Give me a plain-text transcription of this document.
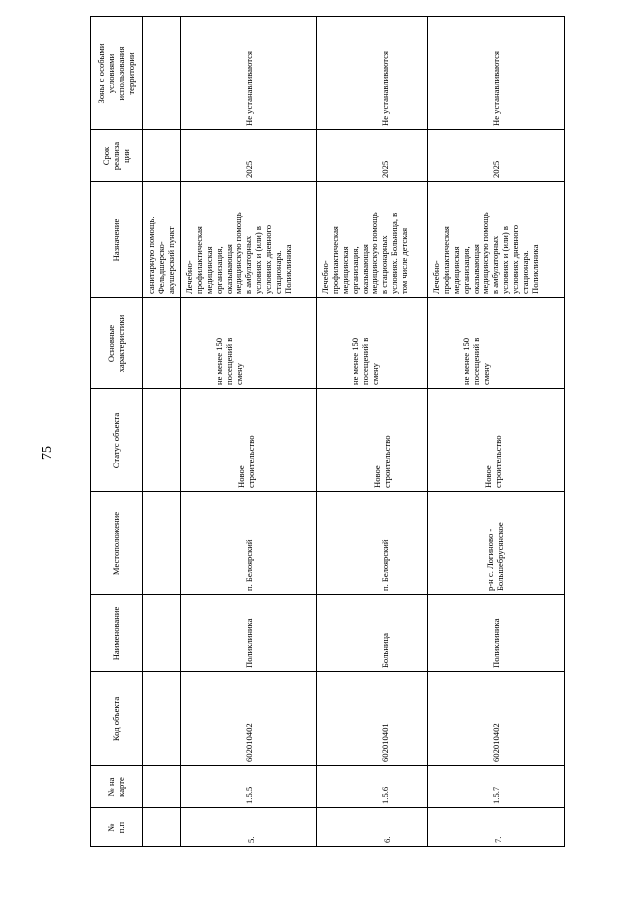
75
№ п.п
№ на карте
Код объекта
Наименование
Местоположение
Статус объекта
Основные характеристики
Назначение
Срок реализа ции
Зоны с особыми условиями использования территории
санитарную помощь. Фельдшерско- акушерский пункт
5.
1.5.5
602010402
Поликлиника
п. Белоярский
Новое строительство
не менее 150 посещений в смену
Лечебно- профилактическая медицинская организация, оказывающая медицинскую помощь в амбулаторных условиях и (или) в условиях дневного стационара. Поликлиника
2025
Не устанавливаются
6.
1.5.6
602010401
Больница
п. Белоярский
Новое строительство
не менее 150 посещений в смену
Лечебно- профилактическая медицинская организация, оказывающая медицинскую помощь в стационарных условиях. Больница, в том числе детская
2025
Не устанавливаются
7.
1.5.7
602010402
Поликлиника
р-н с. Логиново - Большебрусянское
Новое строительство
не менее 150 посещений в смену
Лечебно- профилактическая медицинская организация, оказывающая медицинскую помощь в амбулаторных условиях и (или) в условиях дневного стационара. Поликлиника
2025
Не устанавливаются
